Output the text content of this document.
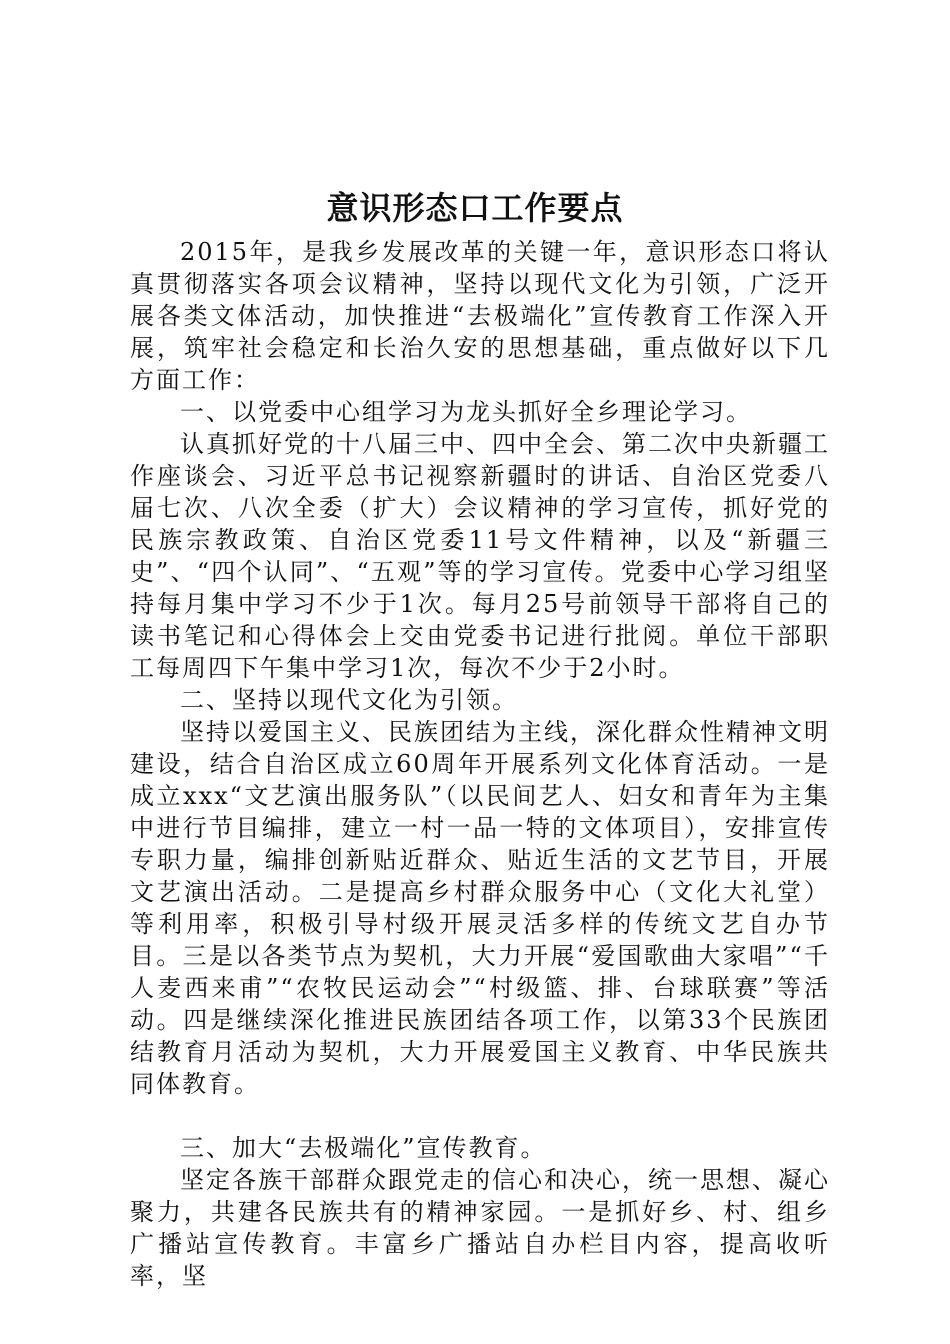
意识形态口工作要点

2015年，是我乡发展改革的关键一年，意识形态口将认真贯彻落实各项会议精神，坚持以现代文化为引领，广泛开展各类文体活动，加快推进“去极端化”宣传教育工作深入开展，筑牢社会稳定和长治久安的思想基础，重点做好以下几方面工作：

一、以党委中心组学习为龙头抓好全乡理论学习。

认真抓好党的十八届三中、四中全会、第二次中央新疆工作座谈会、习近平总书记视察新疆时的讲话、自治区党委八届七次、八次全委（扩大）会议精神的学习宣传，抓好党的民族宗教政策、自治区党委11号文件精神，以及“新疆三史”、“四个认同”、“五观”等的学习宣传。党委中心学习组坚持每月集中学习不少于1次。每月25号前领导干部将自己的读书笔记和心得体会上交由党委书记进行批阅。单位干部职工每周四下午集中学习1次，每次不少于2小时。

二、坚持以现代文化为引领。

坚持以爱国主义、民族团结为主线，深化群众性精神文明建设，结合自治区成立60周年开展系列文化体育活动。一是成立xxx“文艺演出服务队”（以民间艺人、妇女和青年为主集中进行节目编排，建立一村一品一特的文体项目），安排宣传专职力量，编排创新贴近群众、贴近生活的文艺节目，开展文艺演出活动。二是提高乡村群众服务中心（文化大礼堂）等利用率，积极引导村级开展灵活多样的传统文艺自办节目。三是以各类节点为契机，大力开展“爱国歌曲大家唱”“千人麦西来甫”“农牧民运动会”“村级篮、排、台球联赛”等活动。四是继续深化推进民族团结各项工作，以第33个民族团结教育月活动为契机，大力开展爱国主义教育、中华民族共同体教育。

三、加大“去极端化”宣传教育。

坚定各族干部群众跟党走的信心和决心，统一思想、凝心聚力，共建各民族共有的精神家园。一是抓好乡、村、组乡广播站宣传教育。丰富乡广播站自办栏目内容，提高收听率，坚
